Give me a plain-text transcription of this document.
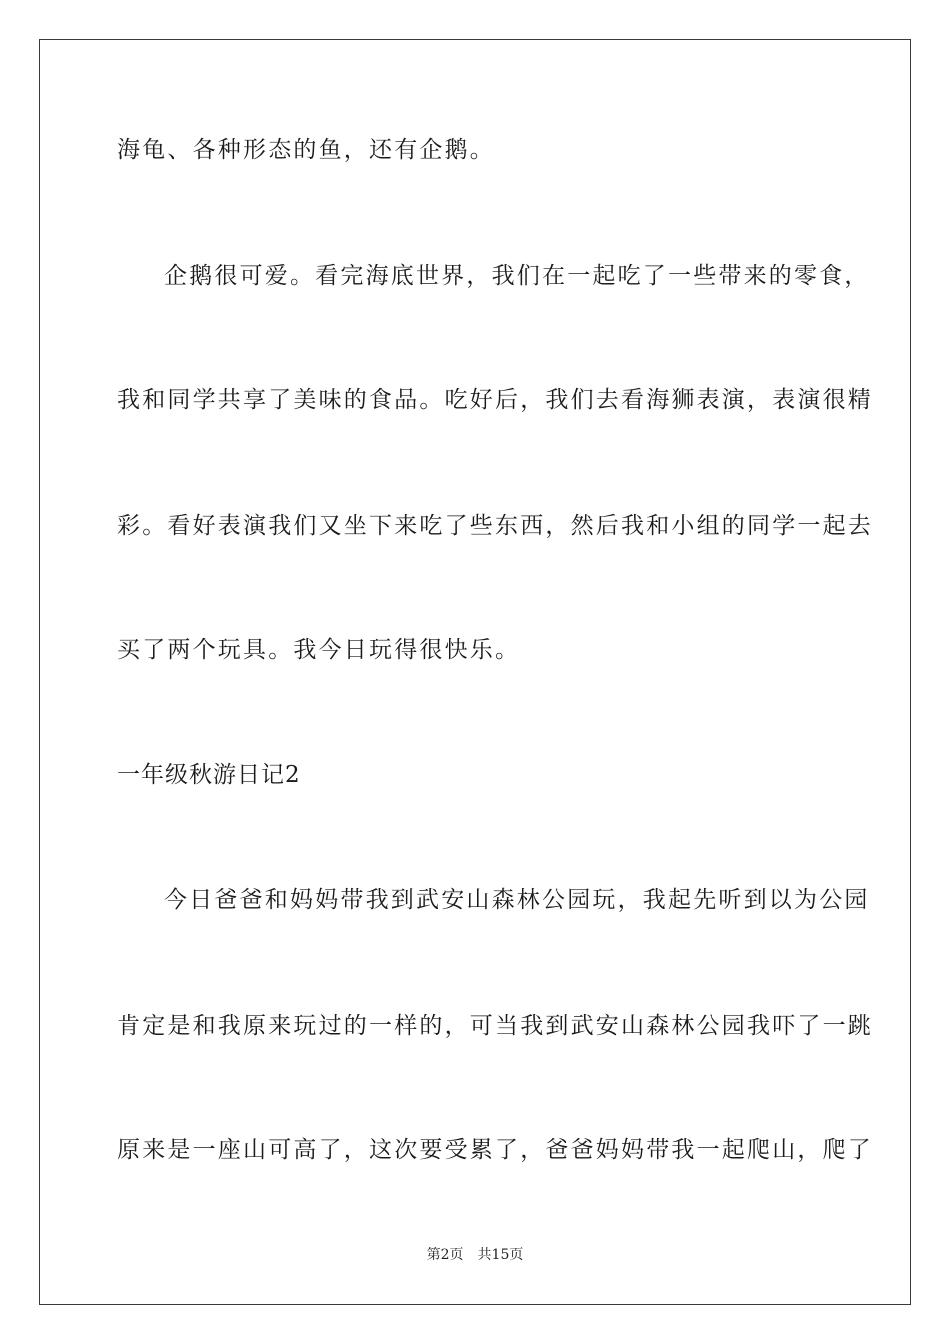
海龟、各种形态的鱼，还有企鹅。
企鹅很可爱。看完海底世界，我们在一起吃了一些带来的零食，
我和同学共享了美味的食品。吃好后，我们去看海狮表演，表演很精
彩。看好表演我们又坐下来吃了些东西，然后我和小组的同学一起去
买了两个玩具。我今日玩得很快乐。
一年级秋游日记2
今日爸爸和妈妈带我到武安山森林公园玩，我起先听到以为公园
肯定是和我原来玩过的一样的，可当我到武安山森林公园我吓了一跳
原来是一座山可高了，这次要受累了，爸爸妈妈带我一起爬山，爬了
第2页 共15页
